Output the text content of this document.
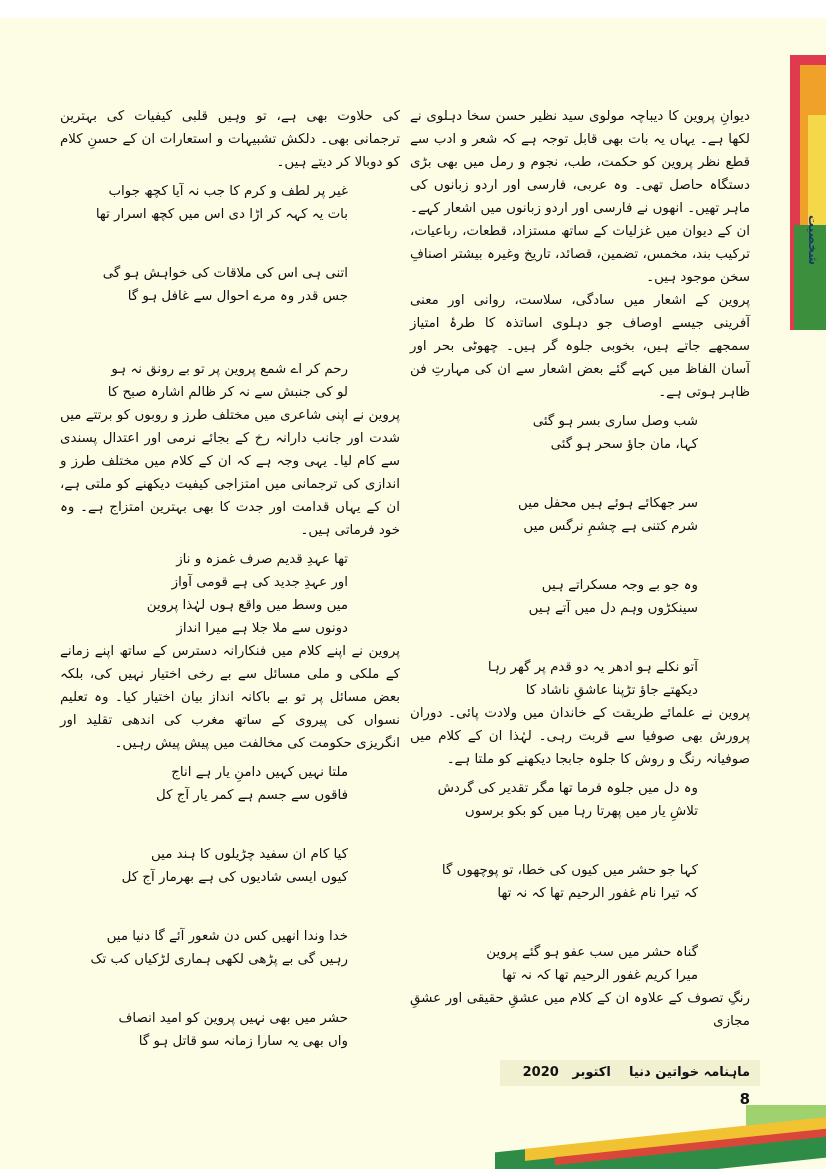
شخصیت

دیوانِ پروین کا دیباچہ مولوی سید نظیر حسن سخا دہلوی نے لکھا ہے۔ یہاں یہ بات بھی قابل توجہ ہے کہ شعر و ادب سے قطع نظر پروین کو حکمت، طب، نجوم و رمل میں بھی بڑی دستگاہ حاصل تھی۔ وہ عربی، فارسی اور اردو زبانوں کی ماہر تھیں۔ انھوں نے فارسی اور اردو زبانوں میں اشعار کہے۔ ان کے دیوان میں غزلیات کے ساتھ مستزاد، قطعات، رباعیات، ترکیب بند، مخمس، تضمین، قصائد، تاریخ وغیرہ بیشتر اصنافِ سخن موجود ہیں۔

پروین کے اشعار میں سادگی، سلاست، روانی اور معنی آفرینی جیسے اوصاف جو دہلوی اساتذہ کا طرۂ امتیاز سمجھے جاتے ہیں، بخوبی جلوہ گر ہیں۔ چھوٹی بحر اور آسان الفاظ میں کہے گئے بعض اشعار سے ان کی مہارتِ فن ظاہر ہوتی ہے۔

شب وصل ساری بسر ہو گئی
کہا، مان جاؤ سحر ہو گئی
سر جھکائے ہوئے ہیں محفل میں
شرم کتنی ہے چشمِ نرگس میں
وہ جو بے وجہ مسکراتے ہیں
سینکڑوں وہم دل میں آتے ہیں
آتو نکلے ہو ادھر یہ دو قدم پر گھر رہا
دیکھتے جاؤ تڑپنا عاشقِ ناشاد کا

پروین نے علمائے طریقت کے خاندان میں ولادت پائی۔ دوران پرورش بھی صوفیا سے قربت رہی۔ لہٰذا ان کے کلام میں صوفیانہ رنگ و روش کا جلوہ جابجا دیکھنے کو ملتا ہے۔

وہ دل میں جلوہ فرما تھا مگر تقدیر کی گردش
تلاشِ یار میں پھرتا رہا میں کو بکو برسوں
کہا جو حشر میں کیوں کی خطا، تو پوچھوں گا
کہ تیرا نام غفور الرحیم تھا کہ نہ تھا
گناہ حشر میں سب عفو ہو گئے پروین
میرا کریم غفور الرحیم تھا کہ نہ تھا

رنگِ تصوف کے علاوہ ان کے کلام میں عشقِ حقیقی اور عشقِ مجازی

کی حلاوت بھی ہے، تو وہیں قلبی کیفیات کی بہترین ترجمانی بھی۔ دلکش تشبیہات و استعارات ان کے حسنِ کلام کو دوبالا کر دیتے ہیں۔

غیر پر لطف و کرم کا جب نہ آیا کچھ جواب
بات یہ کہہ کر اڑا دی اس میں کچھ اسرار تھا
اتنی ہی اس کی ملاقات کی خواہش ہو گی
جس قدر وہ مرے احوال سے غافل ہو گا
رحم کر اے شمع پروین پر تو بے رونق نہ ہو
لو کی جنبش سے نہ کر ظالم اشارہ صبح کا

پروین نے اپنی شاعری میں مختلف طرز و روبوں کو برتتے میں شدت اور جانب دارانہ رخ کے بجائے نرمی اور اعتدال پسندی سے کام لیا۔ یہی وجہ ہے کہ ان کے کلام میں مختلف طرز و اندازی کی ترجمانی میں امتزاجی کیفیت دیکھنے کو ملتی ہے، ان کے یہاں قدامت اور جدت کا بھی بہترین امتزاج ہے۔ وہ خود فرماتی ہیں۔

تھا عہدِ قدیم صرف غمزہ و ناز
اور عہدِ جدید کی ہے قومی آواز
میں وسط میں واقع ہوں لہٰذا پروین
دونوں سے ملا جلا ہے میرا انداز

پروین نے اپنے کلام میں فنکارانہ دسترس کے ساتھ اپنے زمانے کے ملکی و ملی مسائل سے بے رخی اختیار نہیں کی، بلکہ بعض مسائل پر تو بے باکانہ انداز بیان اختیار کیا۔ وہ تعلیم نسواں کی پیروی کے ساتھ مغرب کی اندھی تقلید اور انگریزی حکومت کی مخالفت میں پیش پیش رہیں۔

ملتا نہیں کہیں دامنِ یار ہے اناج
فاقوں سے جسم ہے کمر یار آج کل
کیا کام ان سفید چڑیلوں کا ہند میں
کیوں ایسی شادیوں کی ہے بھرمار آج کل
خدا وندا انھیں کس دن شعور آئے گا دنیا میں
رہیں گی بے پڑھی لکھی ہماری لڑکیاں کب تک
حشر میں بھی نہیں پروین کو امید انصاف
واں بھی یہ سارا زمانہ سو قاتل ہو گا
ماہنامہ خواتین دنیا    اکتوبر   2020   8
